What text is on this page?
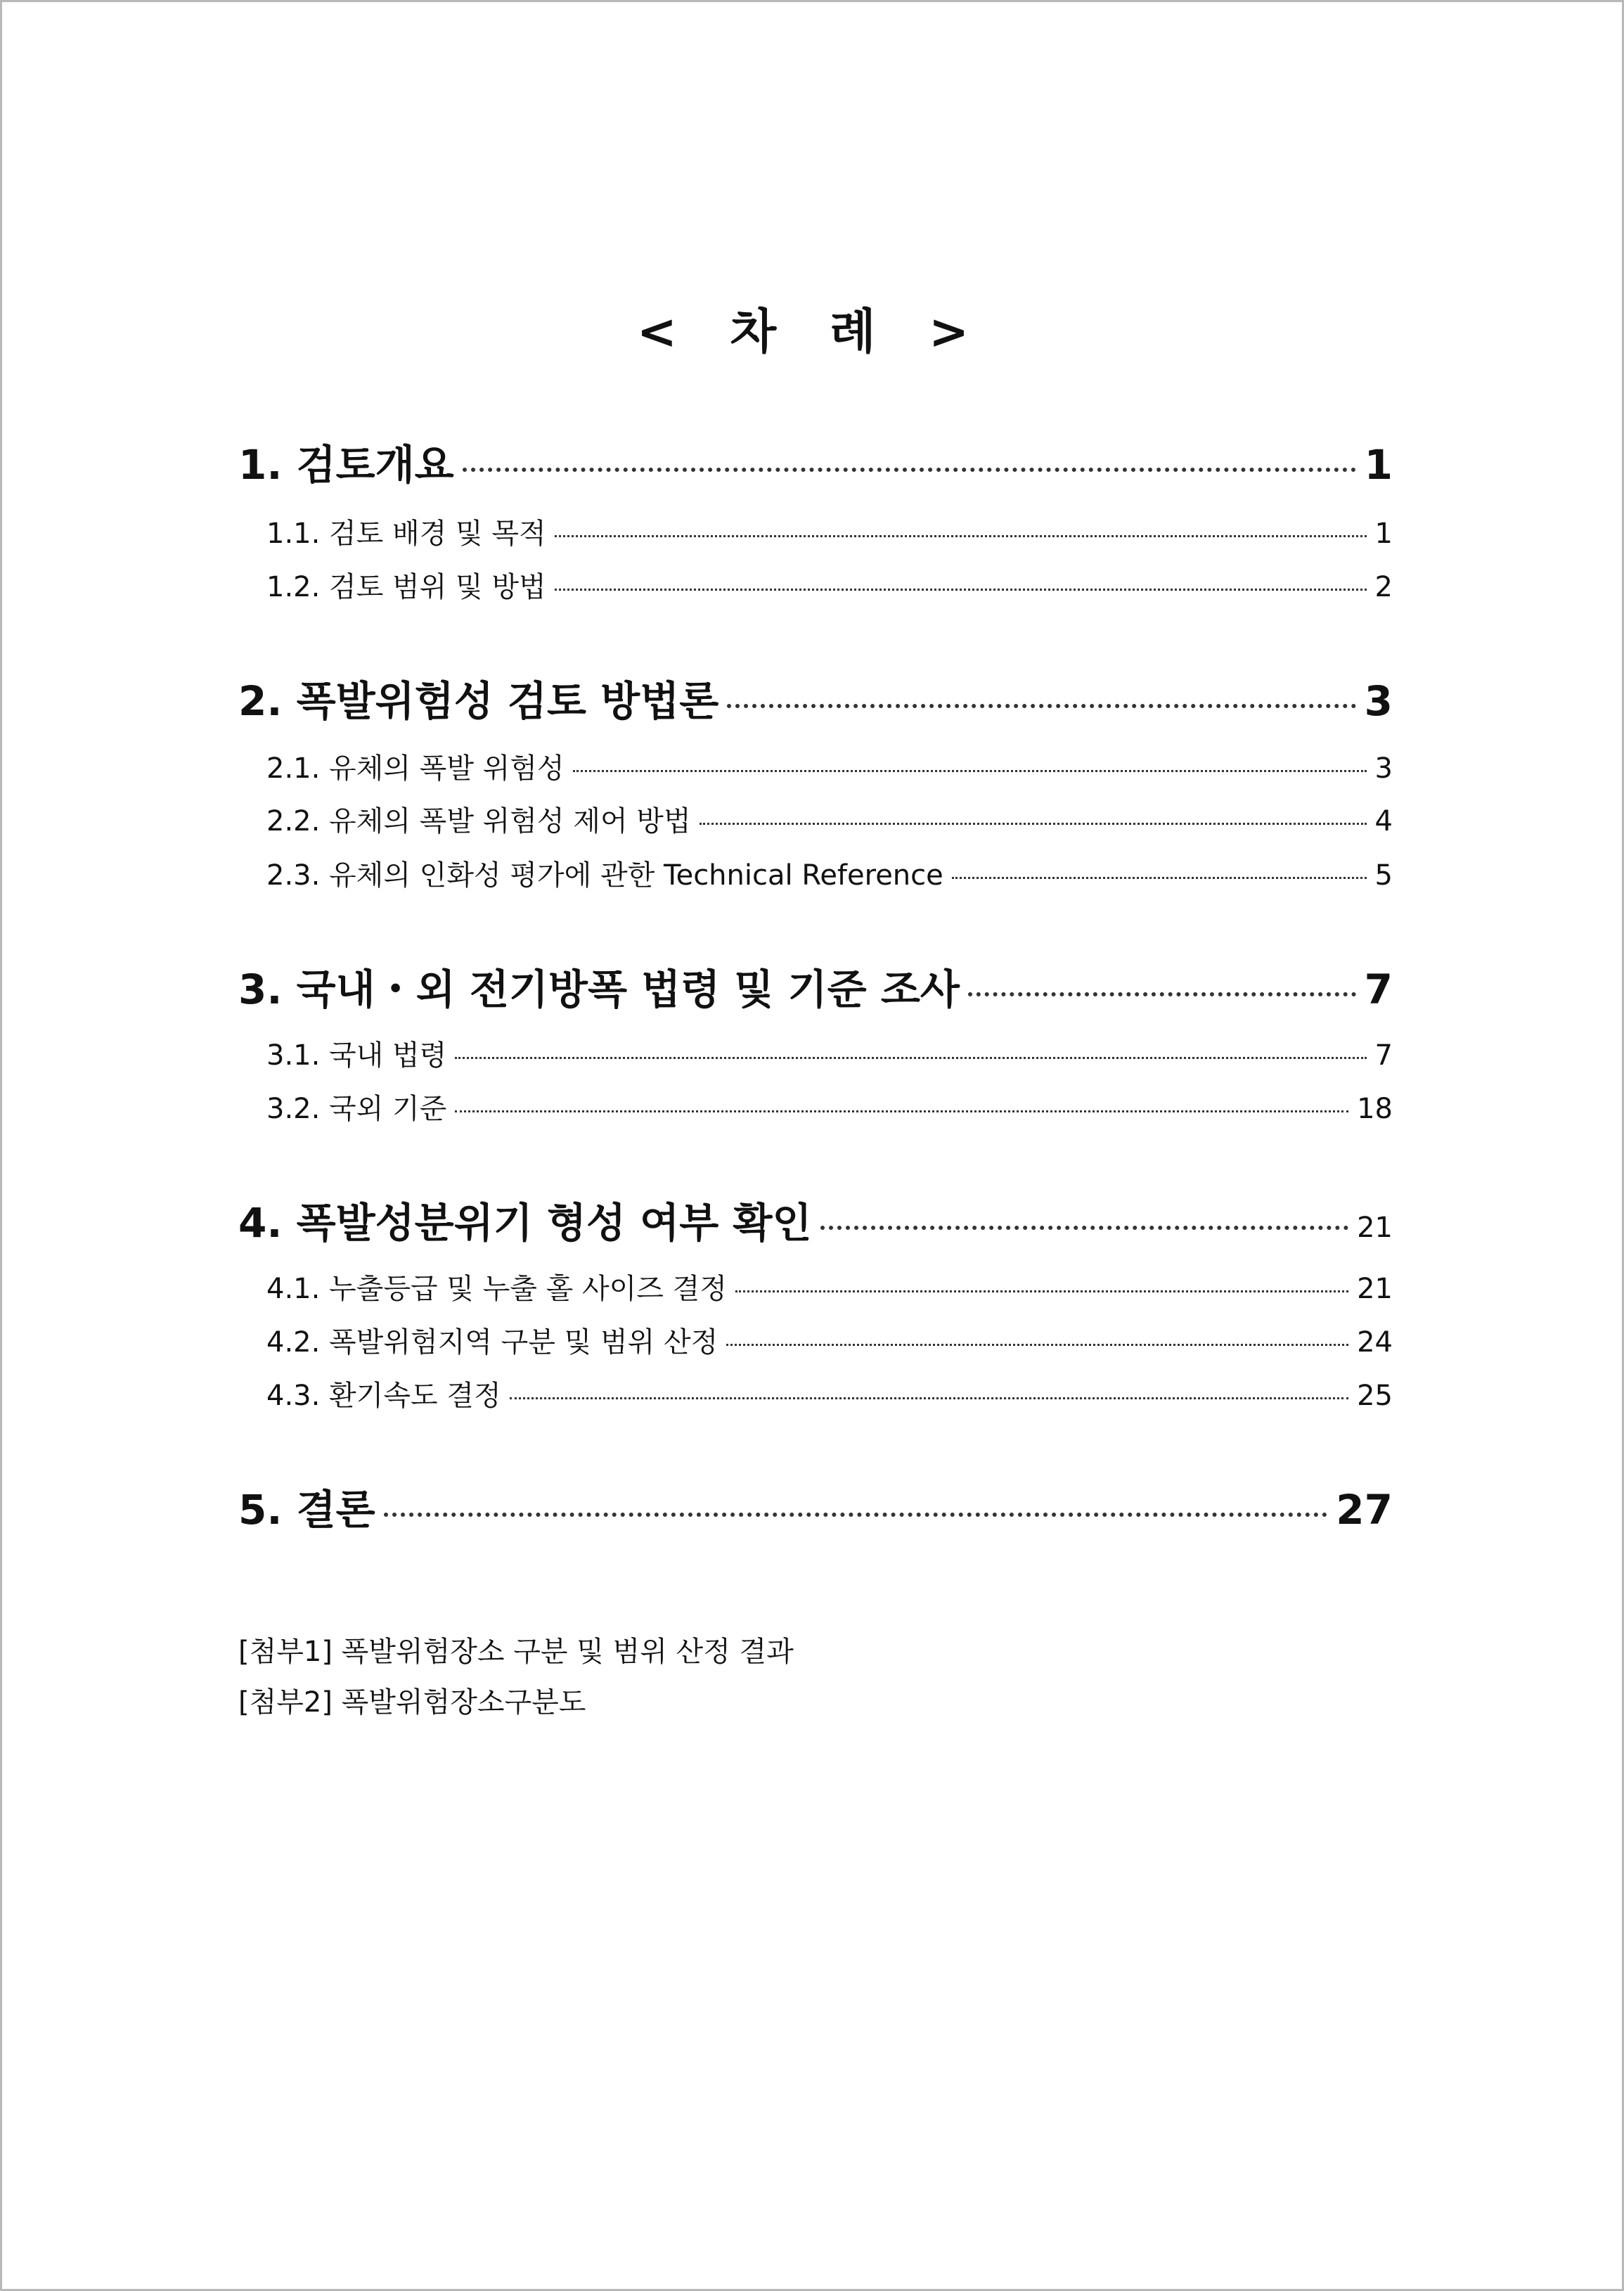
< 차 례 >
1. 검토개요	1
1.1. 검토 배경 및 목적	1
1.2. 검토 범위 및 방법	2
2. 폭발위험성 검토 방법론	3
2.1. 유체의 폭발 위험성	3
2.2. 유체의 폭발 위험성 제어 방법	4
2.3. 유체의 인화성 평가에 관한 Technical Reference	5
3. 국내・외 전기방폭 법령 및 기준 조사	7
3.1. 국내 법령	7
3.2. 국외 기준	18
4. 폭발성분위기 형성 여부 확인	21
4.1. 누출등급 및 누출 홀 사이즈 결정	21
4.2. 폭발위험지역 구분 및 범위 산정	24
4.3. 환기속도 결정	25
5. 결론	27
[첨부1] 폭발위험장소 구분 및 범위 산정 결과
[첨부2] 폭발위험장소구분도
